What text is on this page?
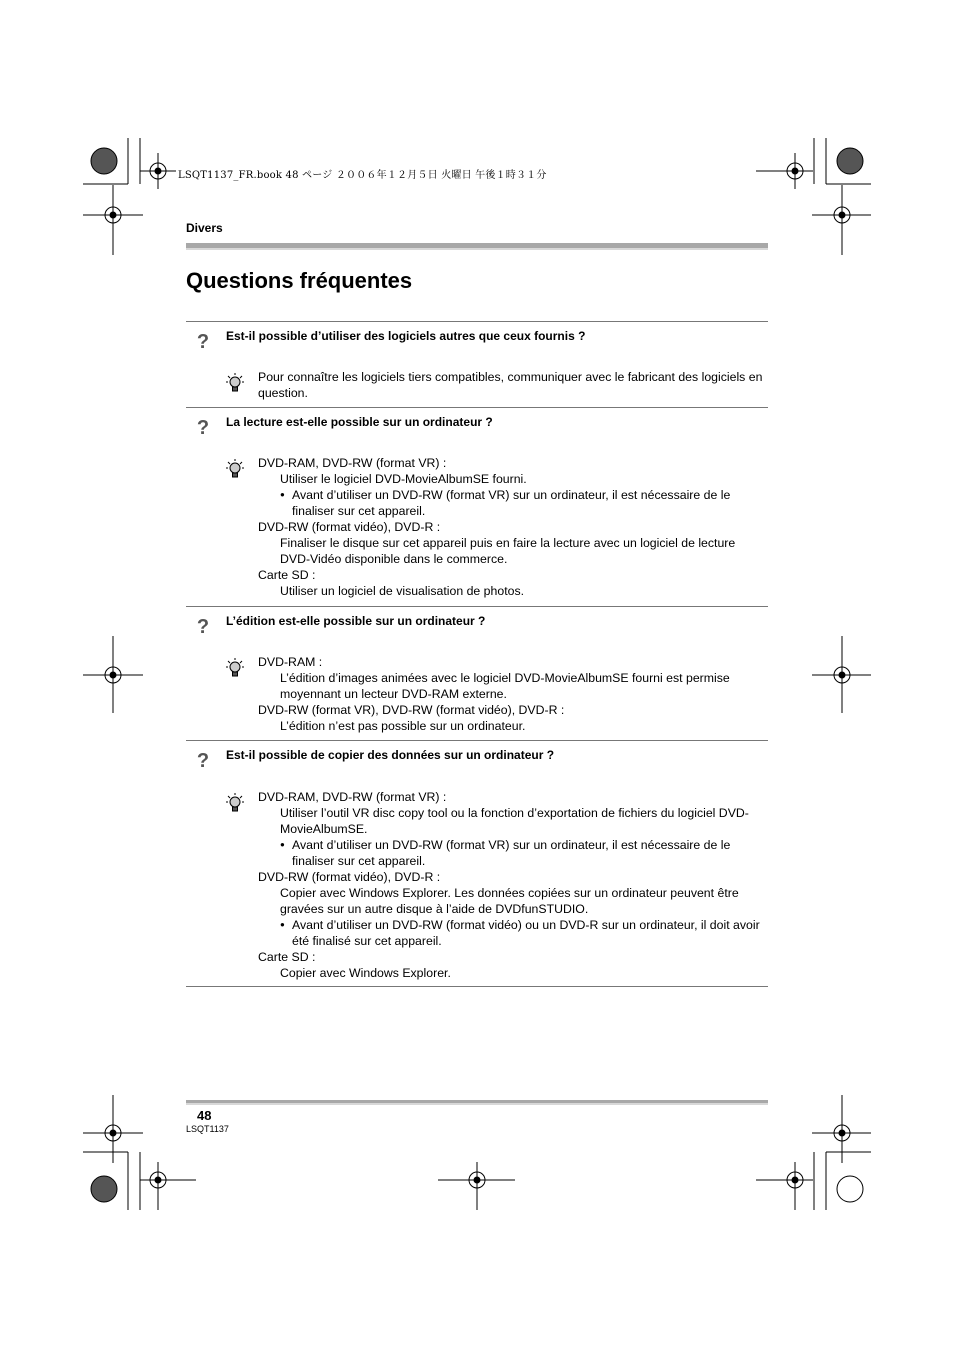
LSQT1137_FR.book 48 ページ ２００６年１２月５日 火曜日 午後１時３１分
Divers
Questions fréquentes
? Est-il possible d’utiliser des logiciels autres que ceux fournis ?

Pour connaître les logiciels tiers compatibles, communiquer avec le fabricant des logiciels en question.

? La lecture est-elle possible sur un ordinateur ?

DVD-RAM, DVD-RW (format VR) :

Utiliser le logiciel DVD-MovieAlbumSE fourni.

● Avant d’utiliser un DVD-RW (format VR) sur un ordinateur, il est nécessaire de le finaliser sur cet appareil.

DVD-RW (format vidéo), DVD-R :

Finaliser le disque sur cet appareil puis en faire la lecture avec un logiciel de lecture DVD-Vidéo disponible dans le commerce.

Carte SD :

Utiliser un logiciel de visualisation de photos.

? L’édition est-elle possible sur un ordinateur ?

DVD-RAM :

L’édition d’images animées avec le logiciel DVD-MovieAlbumSE fourni est permise moyennant un lecteur DVD-RAM externe.

DVD-RW (format VR), DVD-RW (format vidéo), DVD-R :

L’édition n’est pas possible sur un ordinateur.

? Est-il possible de copier des données sur un ordinateur ?

DVD-RAM, DVD-RW (format VR) :

Utiliser l’outil VR disc copy tool ou la fonction d’exportation de fichiers du logiciel DVD-MovieAlbumSE.

● Avant d’utiliser un DVD-RW (format VR) sur un ordinateur, il est nécessaire de le finaliser sur cet appareil.

DVD-RW (format vidéo), DVD-R :

Copier avec Windows Explorer. Les données copiées sur un ordinateur peuvent être gravées sur un autre disque à l’aide de DVDfunSTUDIO.

● Avant d’utiliser un DVD-RW (format vidéo) ou un DVD-R sur un ordinateur, il doit avoir été finalisé sur cet appareil.

Carte SD :

Copier avec Windows Explorer.

48
LSQT1137
